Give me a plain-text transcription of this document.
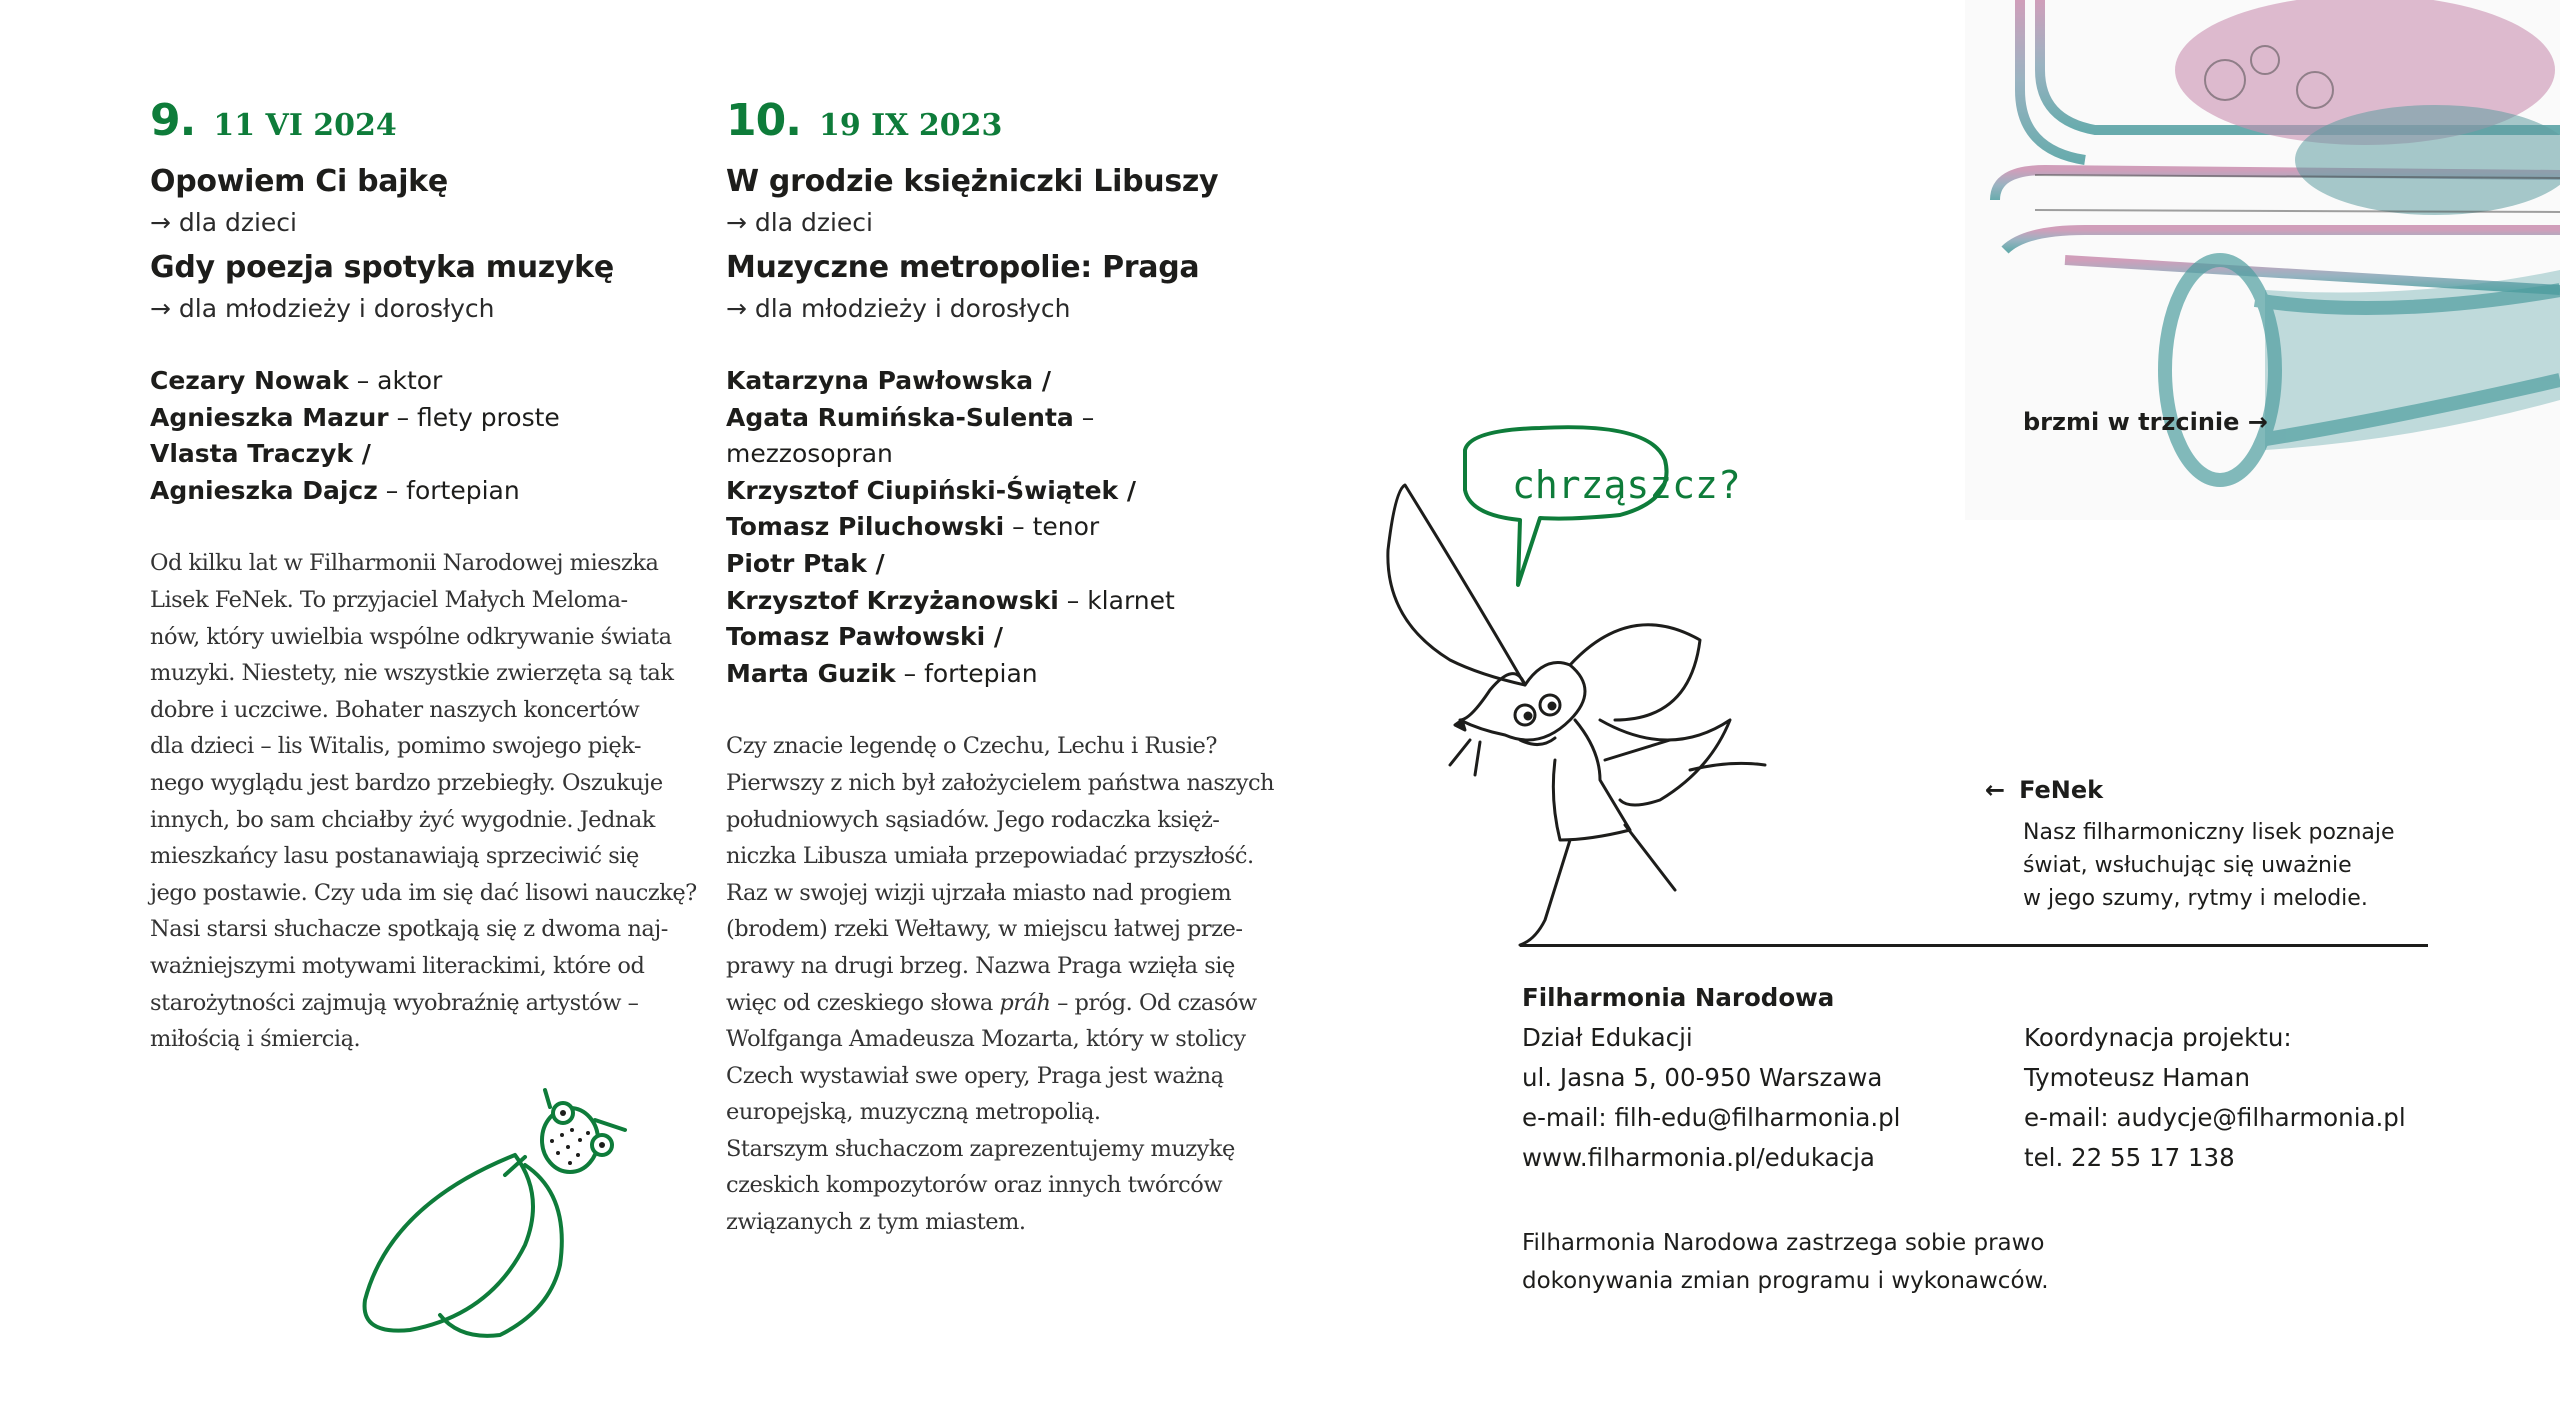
9. 11 VI 2024
Opowiem Ci bajkę
→ dla dzieci
Gdy poezja spotyka muzykę
→ dla młodzieży i dorosłych
Cezary Nowak – aktor
Agnieszka Mazur – flety proste
Vlasta Traczyk /
Agnieszka Dajcz – fortepian
Od kilku lat w Filharmonii Narodowej mieszka
Lisek FeNek. To przyjaciel Małych Meloma-
nów, który uwielbia wspólne odkrywanie świata
muzyki. Niestety, nie wszystkie zwierzęta są tak
dobre i uczciwe. Bohater naszych koncertów
dla dzieci – lis Witalis, pomimo swojego pięk-
nego wyglądu jest bardzo przebiegły. Oszukuje
innych, bo sam chciałby żyć wygodnie. Jednak
mieszkańcy lasu postanawiają sprzeciwić się
jego postawie. Czy uda im się dać lisowi nauczkę?
Nasi starsi słuchacze spotkają się z dwoma naj-
ważniejszymi motywami literackimi, które od
starożytności zajmują wyobraźnię artystów –
miłością i śmiercią.
10. 19 IX 2023
W grodzie księżniczki Libuszy
→ dla dzieci
Muzyczne metropolie: Praga
→ dla młodzieży i dorosłych
Katarzyna Pawłowska /
Agata Rumińska-Sulenta – mezzosopran
Krzysztof Ciupiński-Świątek /
Tomasz Piluchowski – tenor
Piotr Ptak /
Krzysztof Krzyżanowski – klarnet
Tomasz Pawłowski /
Marta Guzik – fortepian
Czy znacie legendę o Czechu, Lechu i Rusie?
Pierwszy z nich był założycielem państwa naszych
południowych sąsiadów. Jego rodaczka księż-
niczka Libusza umiała przepowiadać przyszłość.
Raz w swojej wizji ujrzała miasto nad progiem
(brodem) rzeki Wełtawy, w miejscu łatwej prze-
prawy na drugi brzeg. Nazwa Praga wzięła się
więc od czeskiego słowa práh – próg. Od czasów
Wolfganga Amadeusza Mozarta, który w stolicy
Czech wystawiał swe opery, Praga jest ważną
europejską, muzyczną metropolią.
Starszym słuchaczom zaprezentujemy muzykę
czeskich kompozytorów oraz innych twórców
związanych z tym miastem.
brzmi w trzcinie →
chrząszcz?
← FeNek
Nasz filharmoniczny lisek poznaje
świat, wsłuchując się uważnie
w jego szumy, rytmy i melodie.
Filharmonia Narodowa
Dział Edukacji
ul. Jasna 5, 00-950 Warszawa
e-mail: filh-edu@filharmonia.pl
www.filharmonia.pl/edukacja
Koordynacja projektu:
Tymoteusz Haman
e-mail: audycje@filharmonia.pl
tel. 22 55 17 138
Filharmonia Narodowa zastrzega sobie prawo
dokonywania zmian programu i wykonawców.
